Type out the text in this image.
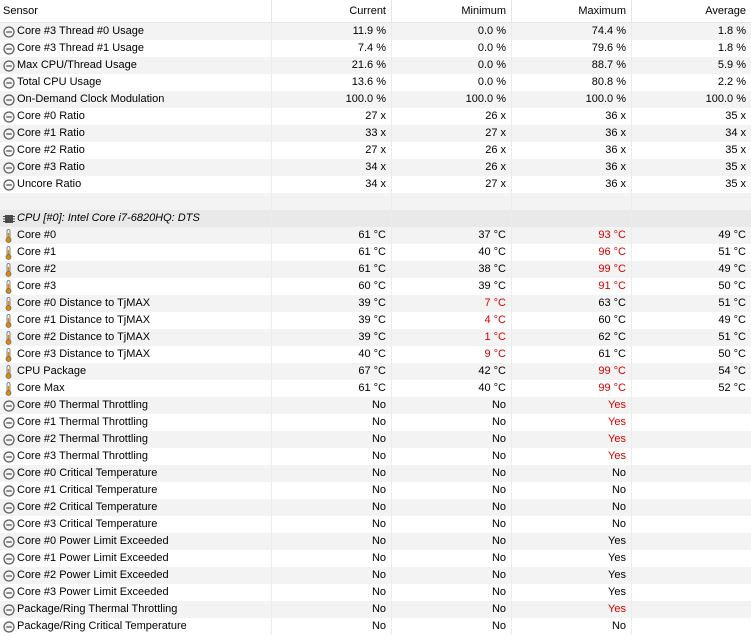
Sensor	Current	Minimum	Maximum	Average
Core #3 Thread #0 Usage	11.9 %	0.0 %	74.4 %	1.8 %
Core #3 Thread #1 Usage	7.4 %	0.0 %	79.6 %	1.8 %
Max CPU/Thread Usage	21.6 %	0.0 %	88.7 %	5.9 %
Total CPU Usage	13.6 %	0.0 %	80.8 %	2.2 %
On-Demand Clock Modulation	100.0 %	100.0 %	100.0 %	100.0 %
Core #0 Ratio	27 x	26 x	36 x	35 x
Core #1 Ratio	33 x	27 x	36 x	34 x
Core #2 Ratio	27 x	26 x	36 x	35 x
Core #3 Ratio	34 x	26 x	36 x	35 x
Uncore Ratio	34 x	27 x	36 x	35 x
CPU [#0]: Intel Core i7-6820HQ: DTS
Core #0	61 °C	37 °C	93 °C	49 °C
Core #1	61 °C	40 °C	96 °C	51 °C
Core #2	61 °C	38 °C	99 °C	49 °C
Core #3	60 °C	39 °C	91 °C	50 °C
Core #0 Distance to TjMAX	39 °C	7 °C	63 °C	51 °C
Core #1 Distance to TjMAX	39 °C	4 °C	60 °C	49 °C
Core #2 Distance to TjMAX	39 °C	1 °C	62 °C	51 °C
Core #3 Distance to TjMAX	40 °C	9 °C	61 °C	50 °C
CPU Package	67 °C	42 °C	99 °C	54 °C
Core Max	61 °C	40 °C	99 °C	52 °C
Core #0 Thermal Throttling	No	No	Yes
Core #1 Thermal Throttling	No	No	Yes
Core #2 Thermal Throttling	No	No	Yes
Core #3 Thermal Throttling	No	No	Yes
Core #0 Critical Temperature	No	No	No
Core #1 Critical Temperature	No	No	No
Core #2 Critical Temperature	No	No	No
Core #3 Critical Temperature	No	No	No
Core #0 Power Limit Exceeded	No	No	Yes
Core #1 Power Limit Exceeded	No	No	Yes
Core #2 Power Limit Exceeded	No	No	Yes
Core #3 Power Limit Exceeded	No	No	Yes
Package/Ring Thermal Throttling	No	No	Yes
Package/Ring Critical Temperature	No	No	No
